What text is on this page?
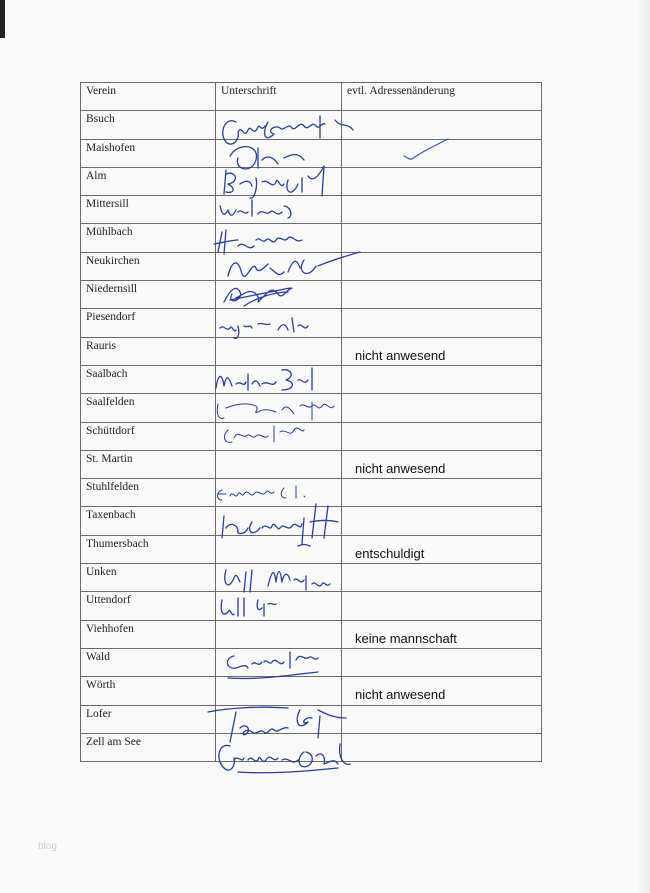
Verein	Unterschrift	evtl. Adressenänderung

Bsuch		

Maishofen		

Alm		

Mittersill		

Mühlbach		

Neukirchen		

Niedernsill		

Piesendorf		

Rauris		nicht anwesend

Saalbach		

Saalfelden		

Schüttdorf		

St. Martin		nicht anwesend

Stuhlfelden		

Taxenbach		

Thumersbach		entschuldigt

Unken		

Uttendorf		

Viehhofen		keine mannschaft

Wald		

Wörth		nicht anwesend

Lofer		

Zell am See		

blog
